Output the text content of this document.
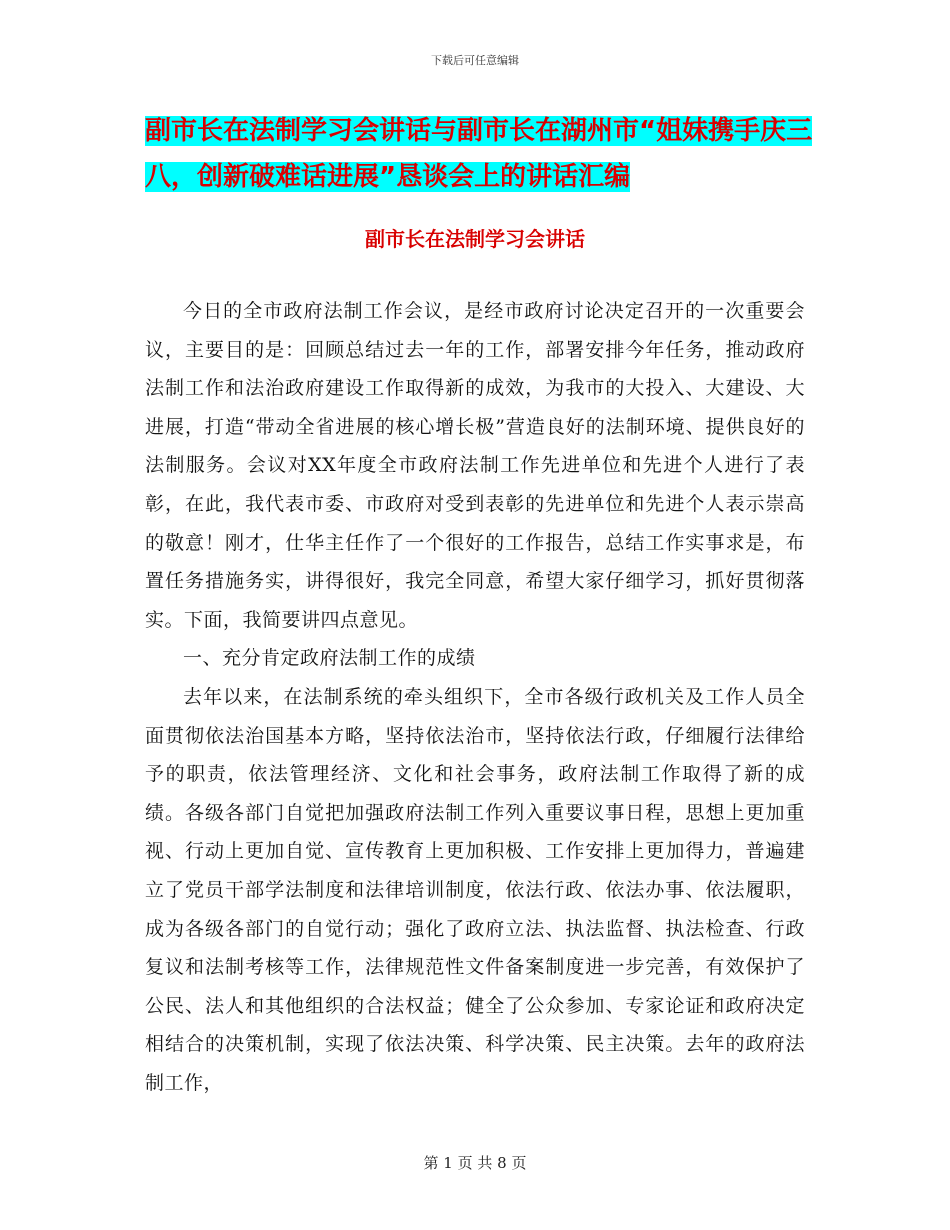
下载后可任意编辑
副市长在法制学习会讲话与副市长在湖州市“姐妹携手庆三八，创新破难话进展”恳谈会上的讲话汇编
副市长在法制学习会讲话

今日的全市政府法制工作会议，是经市政府讨论决定召开的一次重要会议，主要目的是：回顾总结过去一年的工作，部署安排今年任务，推动政府法制工作和法治政府建设工作取得新的成效，为我市的大投入、大建设、大进展，打造“带动全省进展的核心增长极”营造良好的法制环境、提供良好的法制服务。会议对XX年度全市政府法制工作先进单位和先进个人进行了表彰，在此，我代表市委、市政府对受到表彰的先进单位和先进个人表示崇高的敬意！刚才，仕华主任作了一个很好的工作报告，总结工作实事求是，布置任务措施务实，讲得很好，我完全同意，希望大家仔细学习，抓好贯彻落实。下面，我简要讲四点意见。

一、充分肯定政府法制工作的成绩

去年以来，在法制系统的牵头组织下，全市各级行政机关及工作人员全面贯彻依法治国基本方略，坚持依法治市，坚持依法行政，仔细履行法律给予的职责，依法管理经济、文化和社会事务，政府法制工作取得了新的成绩。各级各部门自觉把加强政府法制工作列入重要议事日程，思想上更加重视、行动上更加自觉、宣传教育上更加积极、工作安排上更加得力，普遍建立了党员干部学法制度和法律培训制度，依法行政、依法办事、依法履职，成为各级各部门的自觉行动；强化了政府立法、执法监督、执法检查、行政复议和法制考核等工作，法律规范性文件备案制度进一步完善，有效保护了公民、法人和其他组织的合法权益；健全了公众参加、专家论证和政府决定相结合的决策机制，实现了依法决策、科学决策、民主决策。去年的政府法制工作，

第 1 页 共 8 页
